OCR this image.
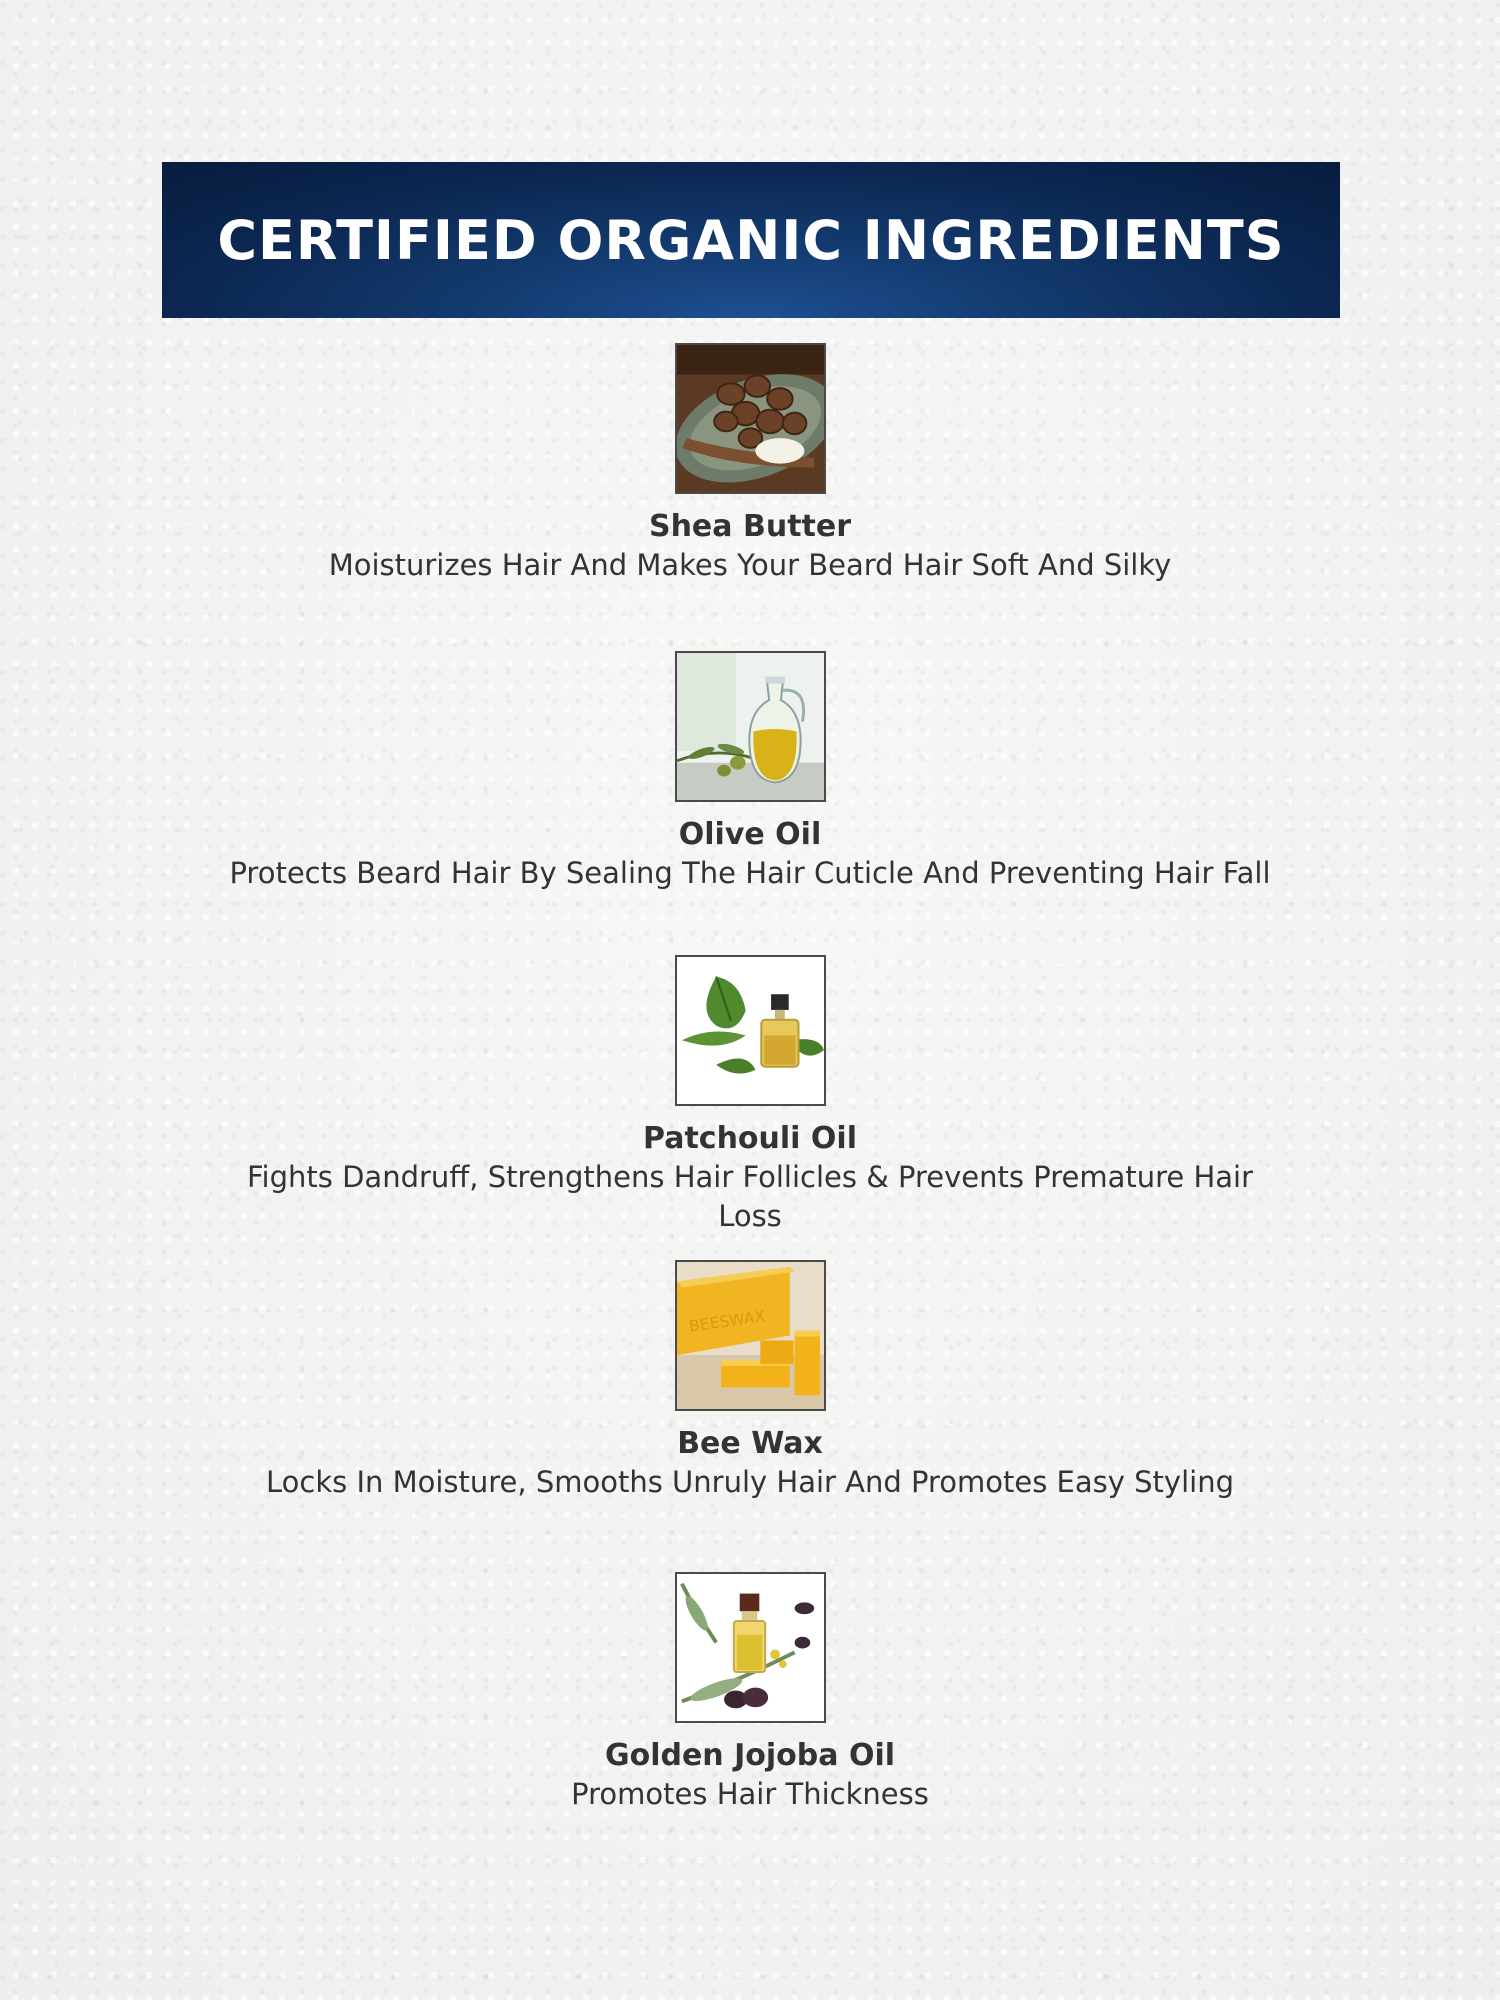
CERTIFIED ORGANIC INGREDIENTS
Shea Butter
Moisturizes Hair And Makes Your Beard Hair Soft And Silky
Olive Oil
Protects Beard Hair By Sealing The Hair Cuticle And Preventing Hair Fall
Patchouli Oil
Fights Dandruff, Strengthens Hair Follicles & Prevents Premature Hair Loss
BEESWAX
Bee Wax
Locks In Moisture, Smooths Unruly Hair And Promotes Easy Styling
Golden Jojoba Oil
Promotes Hair Thickness
